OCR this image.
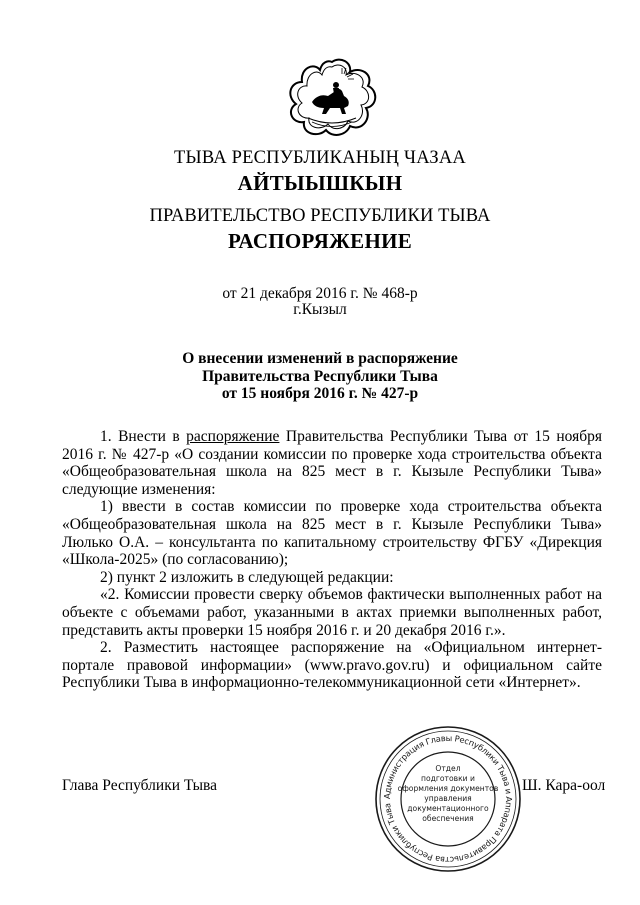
ТЫВА РЕСПУБЛИКАНЫҢ ЧАЗАА
АЙТЫЫШКЫН
ПРАВИТЕЛЬСТВО РЕСПУБЛИКИ ТЫВА
РАСПОРЯЖЕНИЕ
от 21 декабря 2016 г. № 468-р
г.Кызыл
О внесении изменений в распоряжение
Правительства Республики Тыва
от 15 ноября 2016 г. № 427-р

1. Внести в распоряжение Правительства Республики Тыва от 15 ноября 2016 г. № 427-р «О создании комиссии по проверке хода строительства объекта «Общеобразовательная школа на 825 мест в г. Кызыле Республики Тыва» следующие изменения:

1) ввести в состав комиссии по проверке хода строительства объекта «Общеобразовательная школа на 825 мест в г. Кызыле Республики Тыва» Люлько О.А. – консультанта по капитальному строительству ФГБУ «Дирекция «Школа-2025» (по согласованию);

2) пункт 2 изложить в следующей редакции:

«2. Комиссии провести сверку объемов фактически выполненных работ на объекте с объемами работ, указанными в актах приемки выполненных работ, представить акты проверки 15 ноября 2016 г. и 20 декабря 2016 г.».

2. Разместить настоящее распоряжение на «Официальном интернет-портале правовой информации» (www.pravo.gov.ru) и официальном сайте Республики Тыва в информационно-телекоммуникационной сети «Интернет».

Глава Республики Тыва	Ш. Кара-оол
Администрация Главы Республики Тыва и Аппарата Правительства Республики Тыва
Отдел
подготовки и
оформления документов
управления
документационного
обеспечения
